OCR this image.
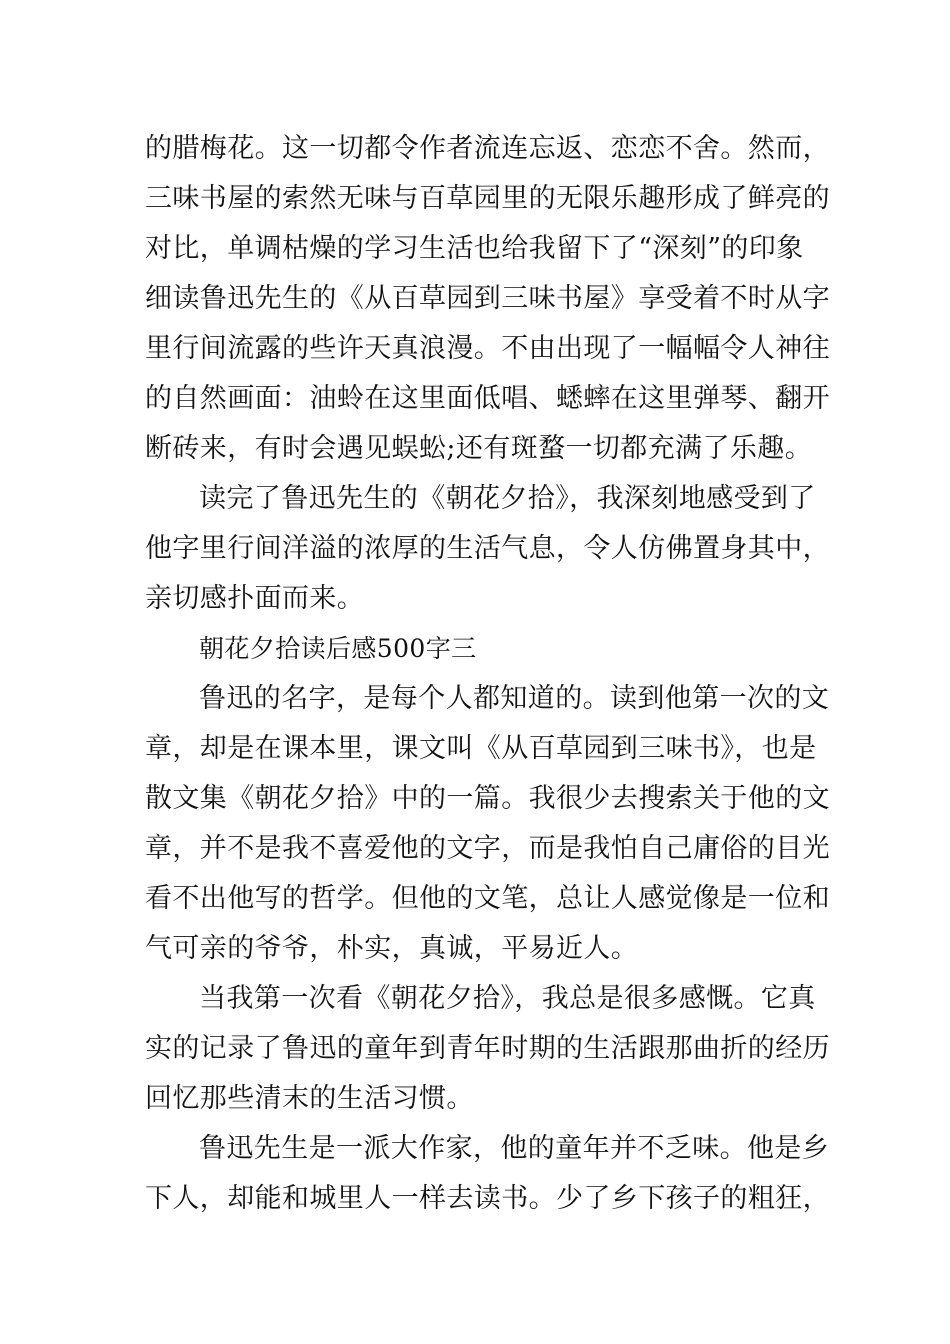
的腊梅花。这一切都令作者流连忘返、恋恋不舍。然而，
三味书屋的索然无味与百草园里的无限乐趣形成了鲜亮的
对比，单调枯燥的学习生活也给我留下了“深刻”的印象
细读鲁迅先生的《从百草园到三味书屋》享受着不时从字
里行间流露的些许天真浪漫。不由出现了一幅幅令人神往
的自然画面：油蛉在这里面低唱、蟋蟀在这里弹琴、翻开
断砖来，有时会遇见蜈蚣;还有斑蝥一切都充满了乐趣。
读完了鲁迅先生的《朝花夕拾》，我深刻地感受到了
他字里行间洋溢的浓厚的生活气息，令人仿佛置身其中，
亲切感扑面而来。
朝花夕拾读后感500字三
鲁迅的名字，是每个人都知道的。读到他第一次的文
章，却是在课本里，课文叫《从百草园到三味书》，也是
散文集《朝花夕拾》中的一篇。我很少去搜索关于他的文
章，并不是我不喜爱他的文字，而是我怕自己庸俗的目光
看不出他写的哲学。但他的文笔，总让人感觉像是一位和
气可亲的爷爷，朴实，真诚，平易近人。
当我第一次看《朝花夕拾》，我总是很多感慨。它真
实的记录了鲁迅的童年到青年时期的生活跟那曲折的经历
回忆那些清末的生活习惯。
鲁迅先生是一派大作家，他的童年并不乏味。他是乡
下人，却能和城里人一样去读书。少了乡下孩子的粗狂，
